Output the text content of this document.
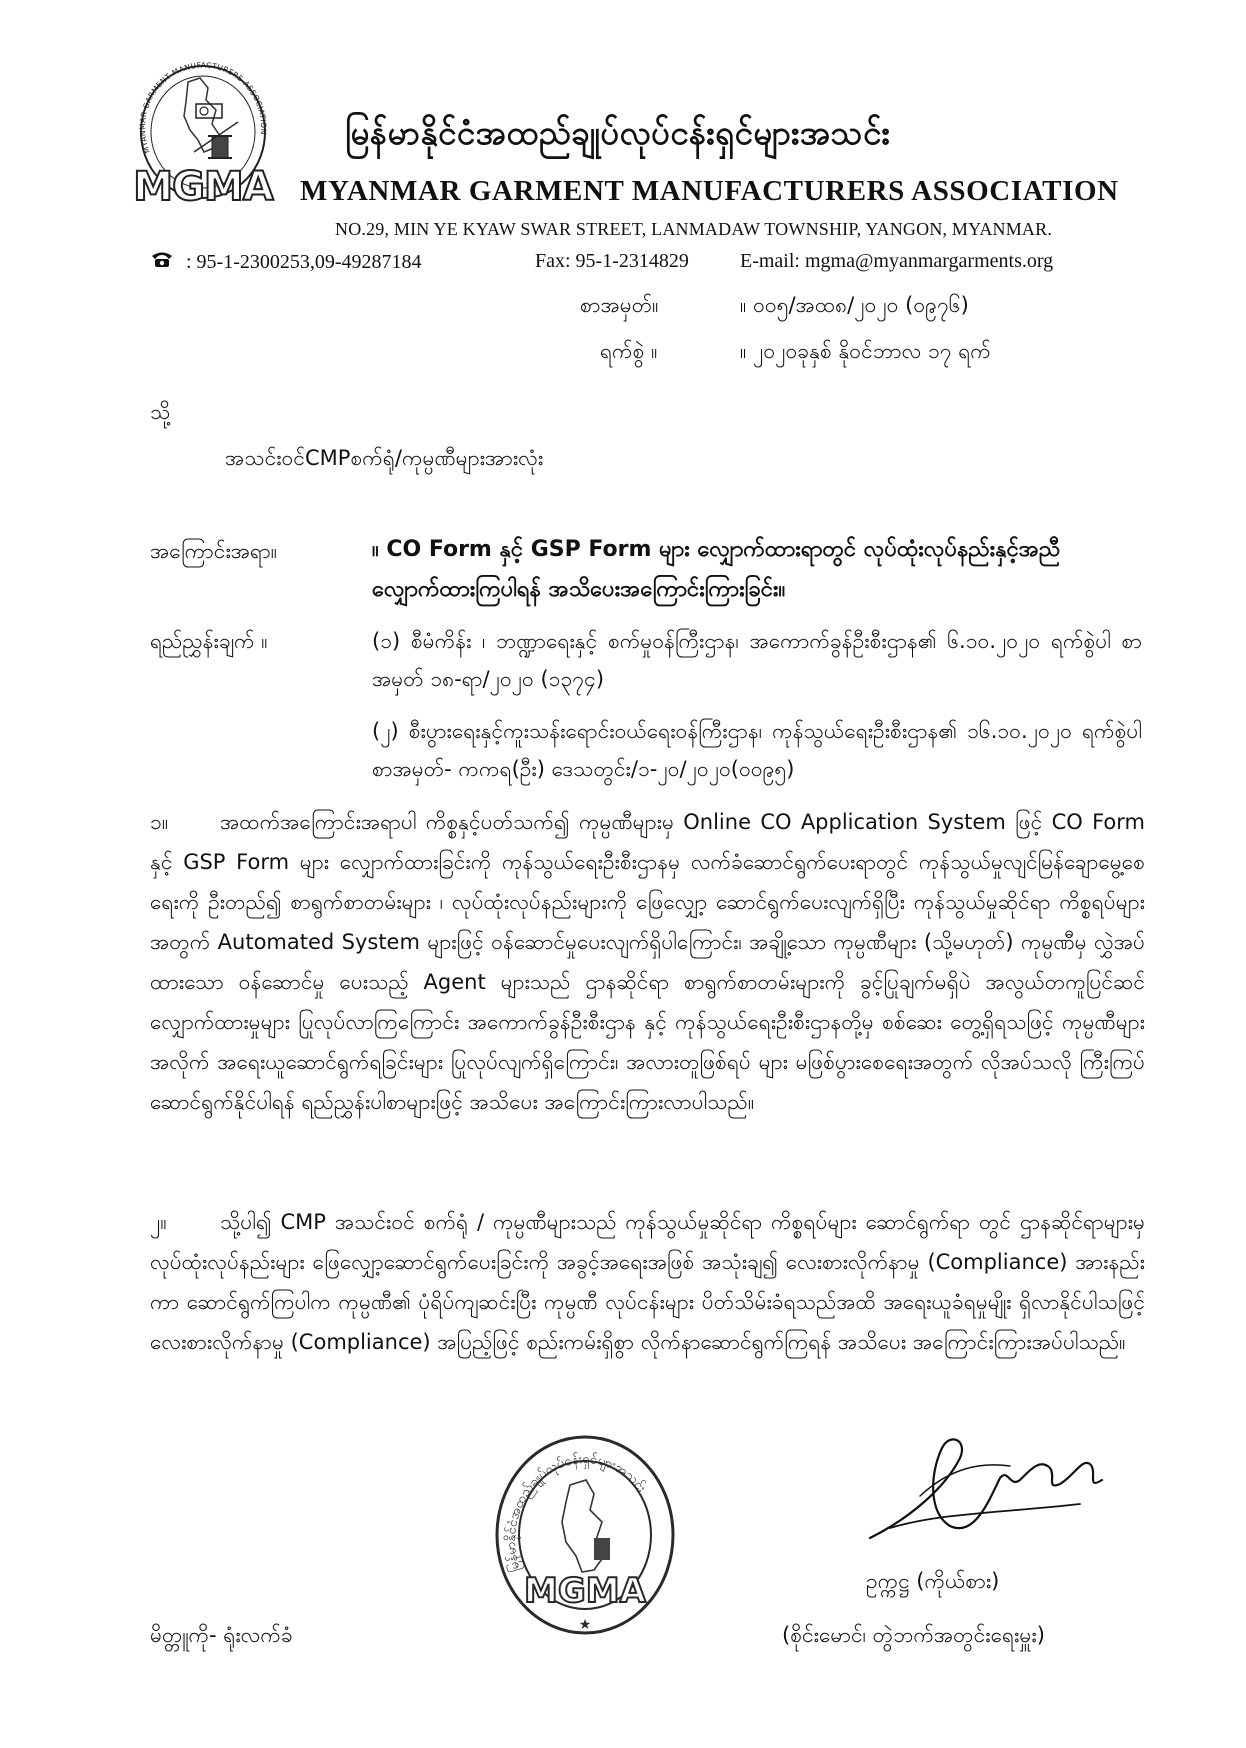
MYANMAR GARMENT MANUFACTURERS ASSOCIATION
MGMA
မြန်မာနိုင်ငံအထည်ချုပ်လုပ်ငန်းရှင်များအသင်း
MYANMAR GARMENT MANUFACTURERS ASSOCIATION
NO.29, MIN YE KYAW SWAR STREET, LANMADAW TOWNSHIP, YANGON, MYANMAR.
: 95-1-2300253,09-49287184	Fax: 95-1-2314829	E-mail: mgma@myanmargarments.org
စာအမှတ်။	။ ၀၀၅/အထ၈/၂၀၂၀ (၀၉၇၆)
ရက်စွဲ ။	။ ၂၀၂၀ခုနှစ် နိုဝင်ဘာလ ၁၇ ရက်
သို့
အသင်းဝင်CMPစက်ရုံ/ကုမ္ပဏီများအားလုံး
အကြောင်းအရာ။	။ CO Form နှင့် GSP Form များ လျှောက်ထားရာတွင် လုပ်ထုံးလုပ်နည်းနှင့်အညီ လျှောက်ထားကြပါရန် အသိပေးအကြောင်းကြားခြင်း။
ရည်ညွှန်းချက် ။	(၁) စီမံကိန်း ၊ ဘဏ္ဍာရေးနှင့် စက်မှုဝန်ကြီးဌာန၊ အကောက်ခွန်ဦးစီးဌာန၏ ၆.၁၀.၂၀၂၀ ရက်စွဲပါ စာအမှတ် ၁၈-ရာ/၂၀၂၀ (၁၃၇၄)
(၂) စီးပွားရေးနှင့်ကူးသန်းရောင်းဝယ်ရေးဝန်ကြီးဌာန၊ ကုန်သွယ်ရေးဦးစီးဌာန၏ ၁၆.၁၀.၂၀၂၀ ရက်စွဲပါစာအမှတ်- ကကရ(ဦး) ဒေသတွင်း/၁-၂၀/၂၀၂၀(၀၀၉၅)
၁။ အထက်အကြောင်းအရာပါ ကိစ္စနှင့်ပတ်သက်၍ ကုမ္ပဏီများမှ Online CO Application System ဖြင့် CO Form နှင့် GSP Form များ လျှောက်ထားခြင်းကို ကုန်သွယ်ရေးဦးစီးဌာနမှ လက်ခံဆောင်ရွက်ပေးရာတွင် ကုန်သွယ်မှုလျင်မြန်ချောမွေ့စေရေးကို ဦးတည်၍ စာရွက်စာတမ်းများ ၊ လုပ်ထုံးလုပ်နည်းများကို ဖြေလျှော့ ဆောင်ရွက်ပေးလျက်ရှိပြီး ကုန်သွယ်မှုဆိုင်ရာ ကိစ္စရပ်များအတွက် Automated System များဖြင့် ဝန်ဆောင်မှုပေးလျက်ရှိပါကြောင်း၊ အချို့သော ကုမ္ပဏီများ (သို့မဟုတ်) ကုမ္ပဏီမှ လွှဲအပ်ထားသော ဝန်ဆောင်မှု ပေးသည့် Agent များသည် ဌာနဆိုင်ရာ စာရွက်စာတမ်းများကို ခွင့်ပြုချက်မရှိပဲ အလွယ်တကူပြင်ဆင် လျှောက်ထားမှုများ ပြုလုပ်လာကြကြောင်း အကောက်ခွန်ဦးစီးဌာန နှင့် ကုန်သွယ်ရေးဦးစီးဌာနတို့မှ စစ်ဆေး တွေ့ရှိရသဖြင့် ကုမ္ပဏီများအလိုက် အရေးယူဆောင်ရွက်ရခြင်းများ ပြုလုပ်လျက်ရှိကြောင်း၊ အလားတူဖြစ်ရပ် များ မဖြစ်ပွားစေရေးအတွက် လိုအပ်သလို ကြီးကြပ်ဆောင်ရွက်နိုင်ပါရန် ရည်ညွှန်းပါစာများဖြင့် အသိပေး အကြောင်းကြားလာပါသည်။
၂။	သို့ပါ၍ CMP အသင်းဝင် စက်ရုံ / ကုမ္ပဏီများသည် ကုန်သွယ်မှုဆိုင်ရာ ကိစ္စရပ်များ ဆောင်ရွက်ရာ တွင် ဌာနဆိုင်ရာများမှ လုပ်ထုံးလုပ်နည်းများ ဖြေလျှော့ဆောင်ရွက်ပေးခြင်းကို အခွင့်အရေးအဖြစ် အသုံးချ၍ လေးစားလိုက်နာမှု (Compliance) အားနည်းကာ ဆောင်ရွက်ကြပါက ကုမ္ပဏီ၏ ပုံရိပ်ကျဆင်းပြီး ကုမ္ပဏီ လုပ်ငန်းများ ပိတ်သိမ်းခံရသည်အထိ အရေးယူခံရမှုမျိုး ရှိလာနိုင်ပါသဖြင့် လေးစားလိုက်နာမှု (Compliance) အပြည့်ဖြင့် စည်းကမ်းရှိစွာ လိုက်နာဆောင်ရွက်ကြရန် အသိပေး အကြောင်းကြားအပ်ပါသည်။
မြန်မာနိုင်ငံအထည်ချုပ်လုပ်ငန်းရှင်များအသင်း
MGMA
★
ဥက္ကဋ္ဌ (ကိုယ်စား)
(စိုင်းမောင်၊ တွဲဘက်အတွင်းရေးမှူး)
မိတ္တူကို- ရုံးလက်ခံ
